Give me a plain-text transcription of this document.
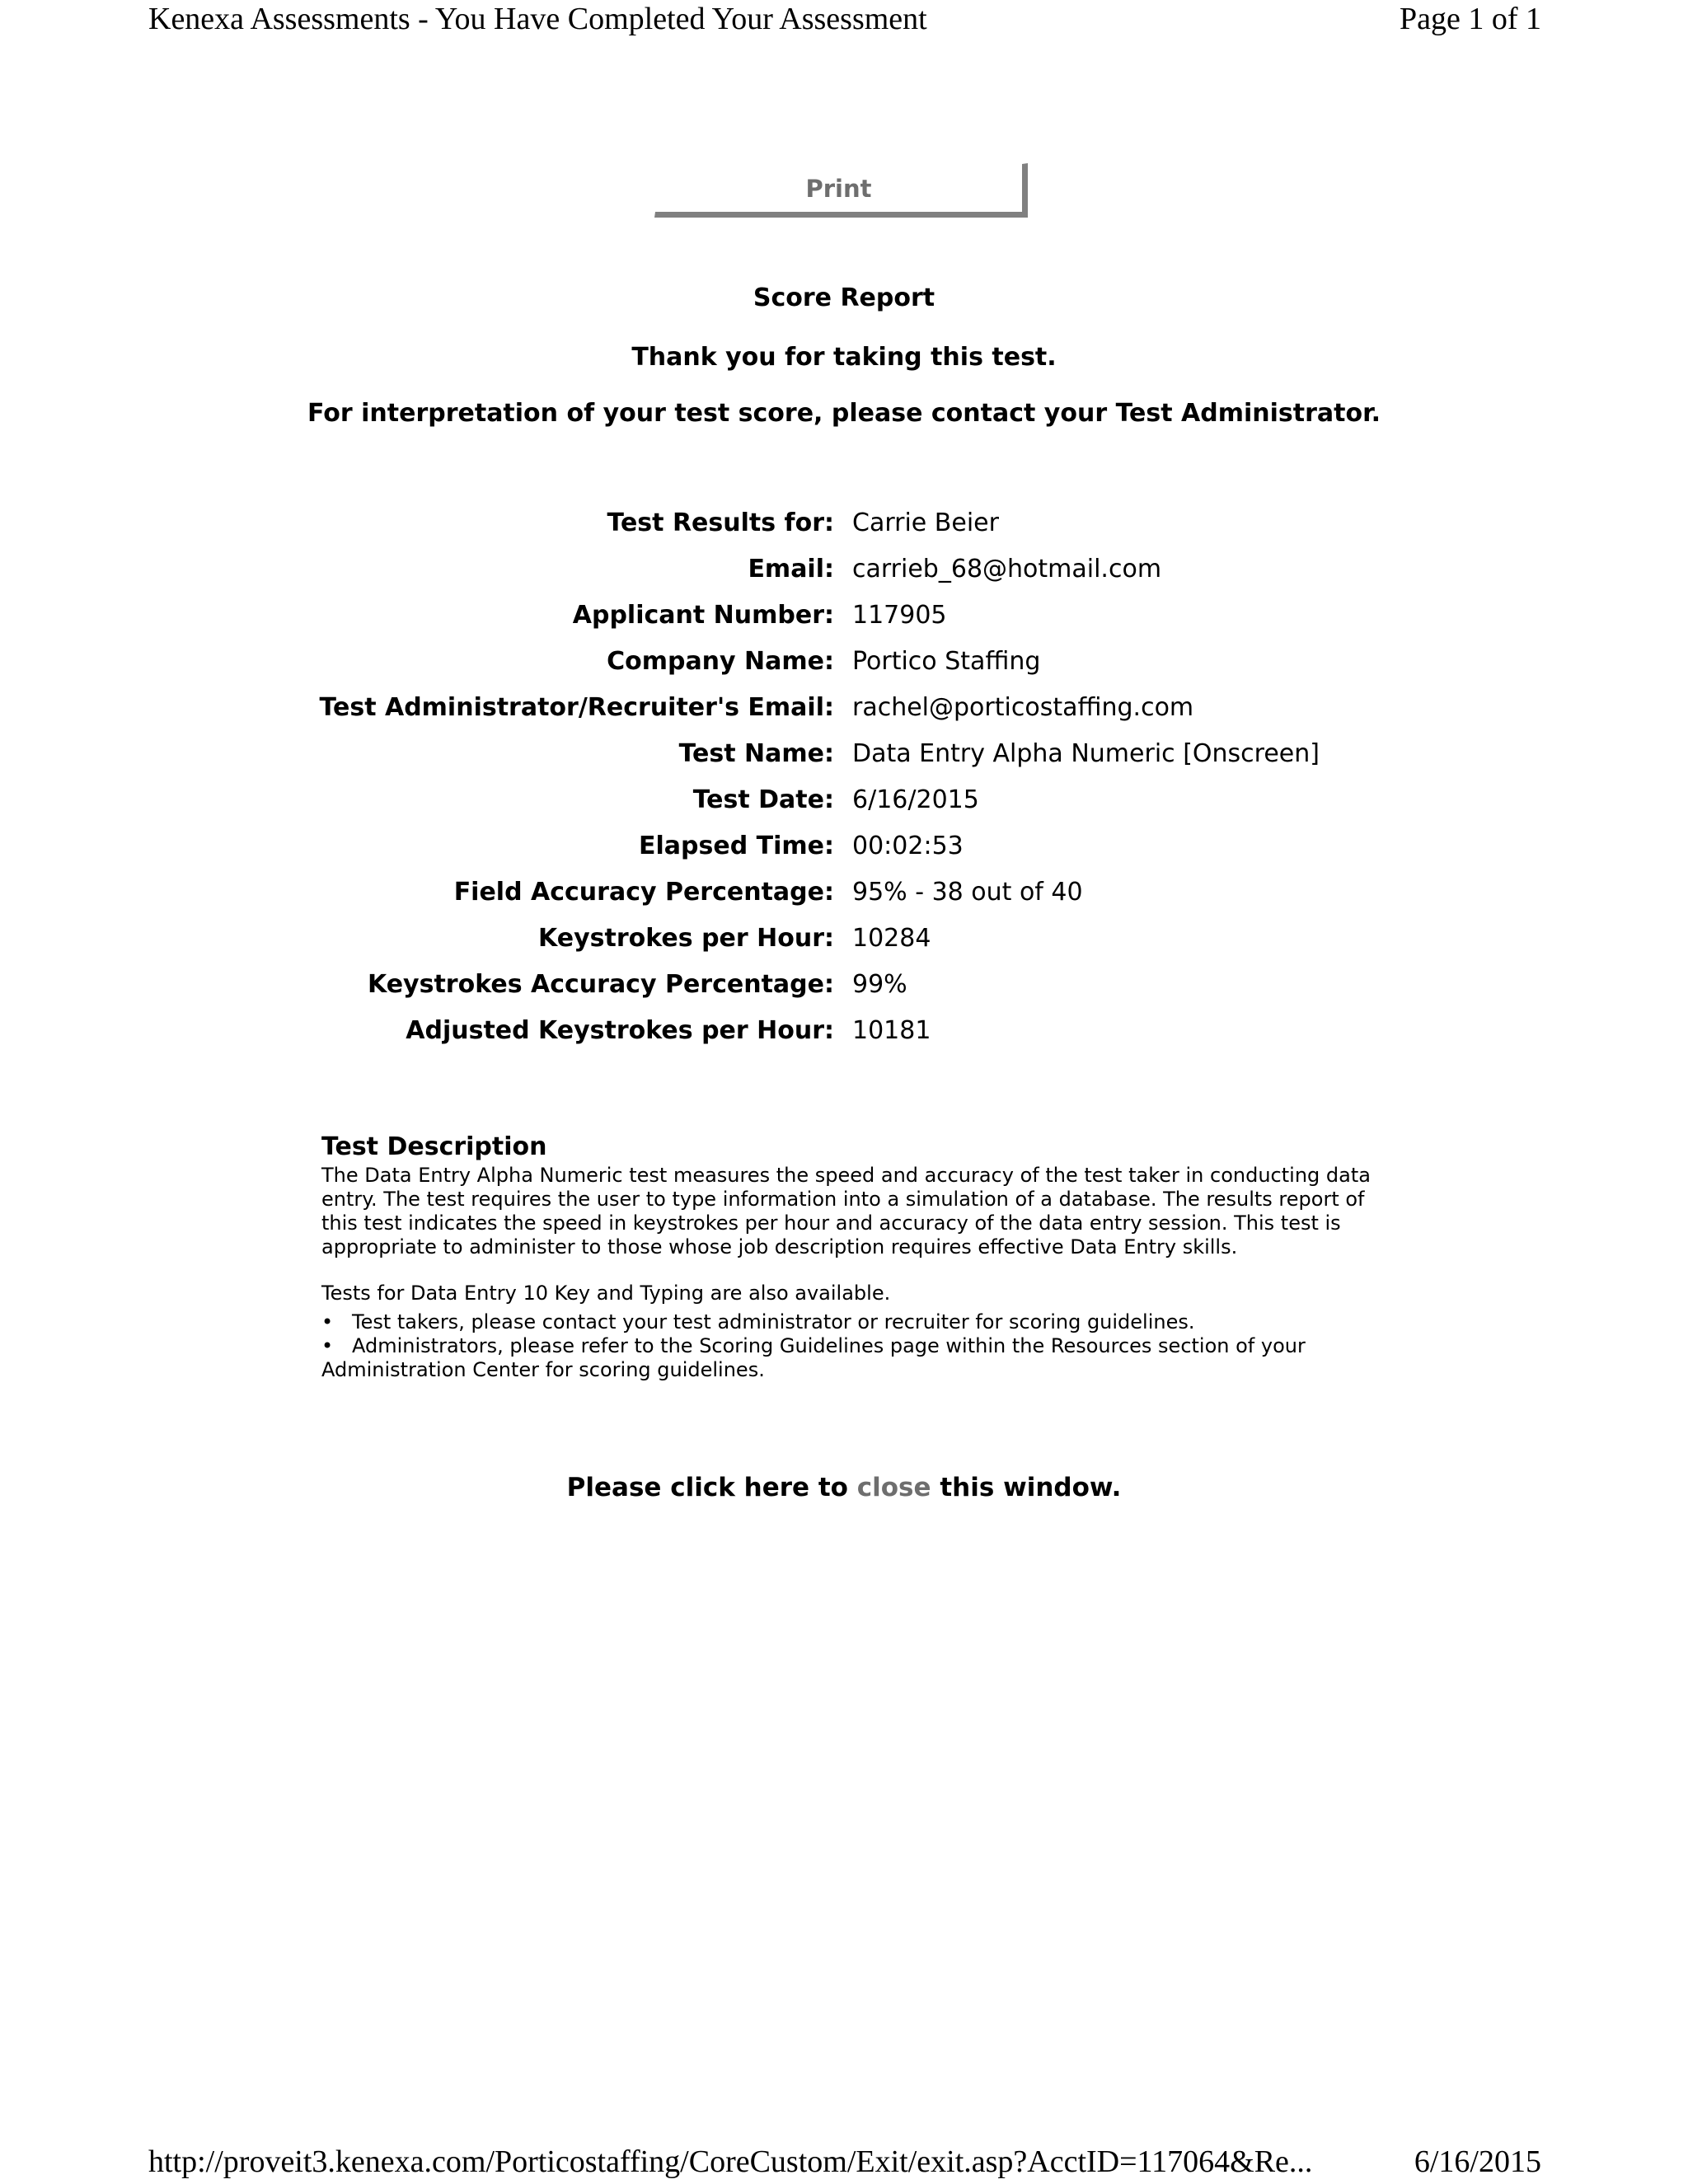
Kenexa Assessments - You Have Completed Your Assessment	Page 1 of 1
Print
Score Report
Thank you for taking this test.
For interpretation of your test score, please contact your Test Administrator.
Test Results for: Carrie Beier
Email: carrieb_68@hotmail.com
Applicant Number: 117905
Company Name: Portico Staffing
Test Administrator/Recruiter's Email: rachel@porticostaffing.com
Test Name: Data Entry Alpha Numeric [Onscreen]
Test Date: 6/16/2015
Elapsed Time: 00:02:53
Field Accuracy Percentage: 95% - 38 out of 40
Keystrokes per Hour: 10284
Keystrokes Accuracy Percentage: 99%
Adjusted Keystrokes per Hour: 10181
Test Description

The Data Entry Alpha Numeric test measures the speed and accuracy of the test taker in conducting data entry. The test requires the user to type information into a simulation of a database. The results report of this test indicates the speed in keystrokes per hour and accuracy of the data entry session. This test is appropriate to administer to those whose job description requires effective Data Entry skills.

Tests for Data Entry 10 Key and Typing are also available.

• Test takers, please contact your test administrator or recruiter for scoring guidelines.
• Administrators, please refer to the Scoring Guidelines page within the Resources section of your Administration Center for scoring guidelines.
Please click here to close this window.
http://proveit3.kenexa.com/Porticostaffing/CoreCustom/Exit/exit.asp?AcctID=117064&Re...	6/16/2015
